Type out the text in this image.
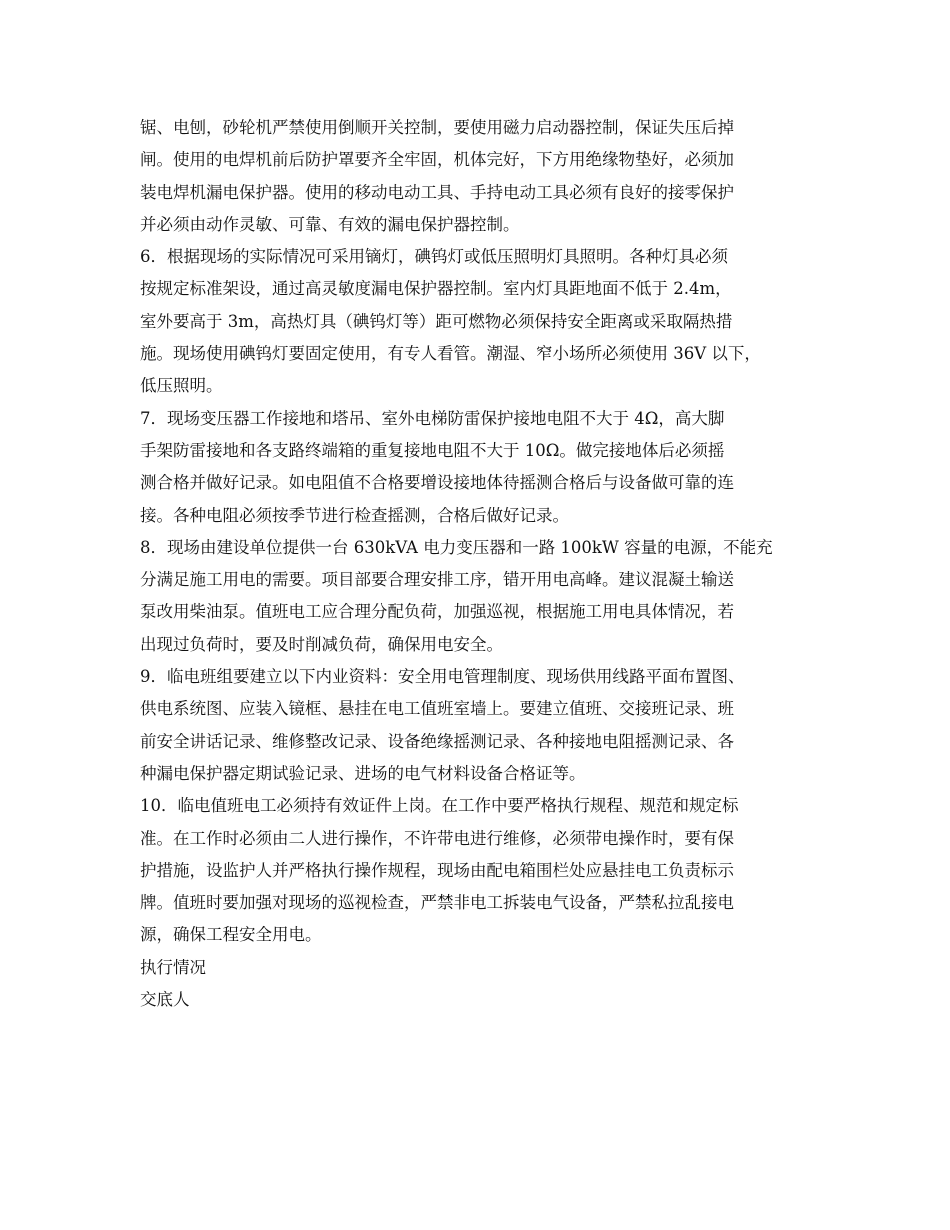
锯、电刨，砂轮机严禁使用倒顺开关控制，要使用磁力启动器控制，保证失压后掉
闸。使用的电焊机前后防护罩要齐全牢固，机体完好，下方用绝缘物垫好，必须加
装电焊机漏电保护器。使用的移动电动工具、手持电动工具必须有良好的接零保护
并必须由动作灵敏、可靠、有效的漏电保护器控制。
6．根据现场的实际情况可采用镝灯，碘钨灯或低压照明灯具照明。各种灯具必须
按规定标准架设，通过高灵敏度漏电保护器控制。室内灯具距地面不低于 2.4m，
室外要高于 3m，高热灯具（碘钨灯等）距可燃物必须保持安全距离或采取隔热措
施。现场使用碘钨灯要固定使用，有专人看管。潮湿、窄小场所必须使用 36V 以下，
低压照明。
7．现场变压器工作接地和塔吊、室外电梯防雷保护接地电阻不大于 4Ω，高大脚
手架防雷接地和各支路终端箱的重复接地电阻不大于 10Ω。做完接地体后必须摇
测合格并做好记录。如电阻值不合格要增设接地体待摇测合格后与设备做可靠的连
接。各种电阻必须按季节进行检查摇测，合格后做好记录。
8．现场由建设单位提供一台 630kVA 电力变压器和一路 100kW 容量的电源，不能充
分满足施工用电的需要。项目部要合理安排工序，错开用电高峰。建议混凝土输送
泵改用柴油泵。值班电工应合理分配负荷，加强巡视，根据施工用电具体情况，若
出现过负荷时，要及时削减负荷，确保用电安全。
9．临电班组要建立以下内业资料：安全用电管理制度、现场供用线路平面布置图、
供电系统图、应装入镜框、悬挂在电工值班室墙上。要建立值班、交接班记录、班
前安全讲话记录、维修整改记录、设备绝缘摇测记录、各种接地电阻摇测记录、各
种漏电保护器定期试验记录、进场的电气材料设备合格证等。
10．临电值班电工必须持有效证件上岗。在工作中要严格执行规程、规范和规定标
准。在工作时必须由二人进行操作，不许带电进行维修，必须带电操作时，要有保
护措施，设监护人并严格执行操作规程，现场由配电箱围栏处应悬挂电工负责标示
牌。值班时要加强对现场的巡视检查，严禁非电工拆装电气设备，严禁私拉乱接电
源，确保工程安全用电。
执行情况
交底人
